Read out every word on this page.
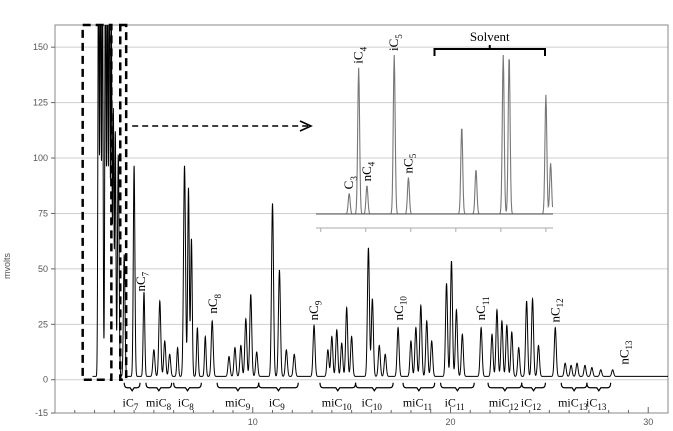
-15
0
25
50
75
100
125
150
10	20	30
$C_3$
$iC_4$
$nC_4$
$iC_5$
$nC_5$
Solvent
$nC_7$
$nC_8$
$nC_9$
$nC_{10}$
$nC_{11}$
$nC_{12}$
$nC_{13}$
$iC_7$ miC$_8$ $iC_8$	miC$_9$ $iC_9$	miC$_{10}$ $iC_{10}$ miC$_{11}$ $iC_{11}$ miC$_{12}$ $iC_{12}$ miC$_{13}$
$iC_{13}$
mvolts
